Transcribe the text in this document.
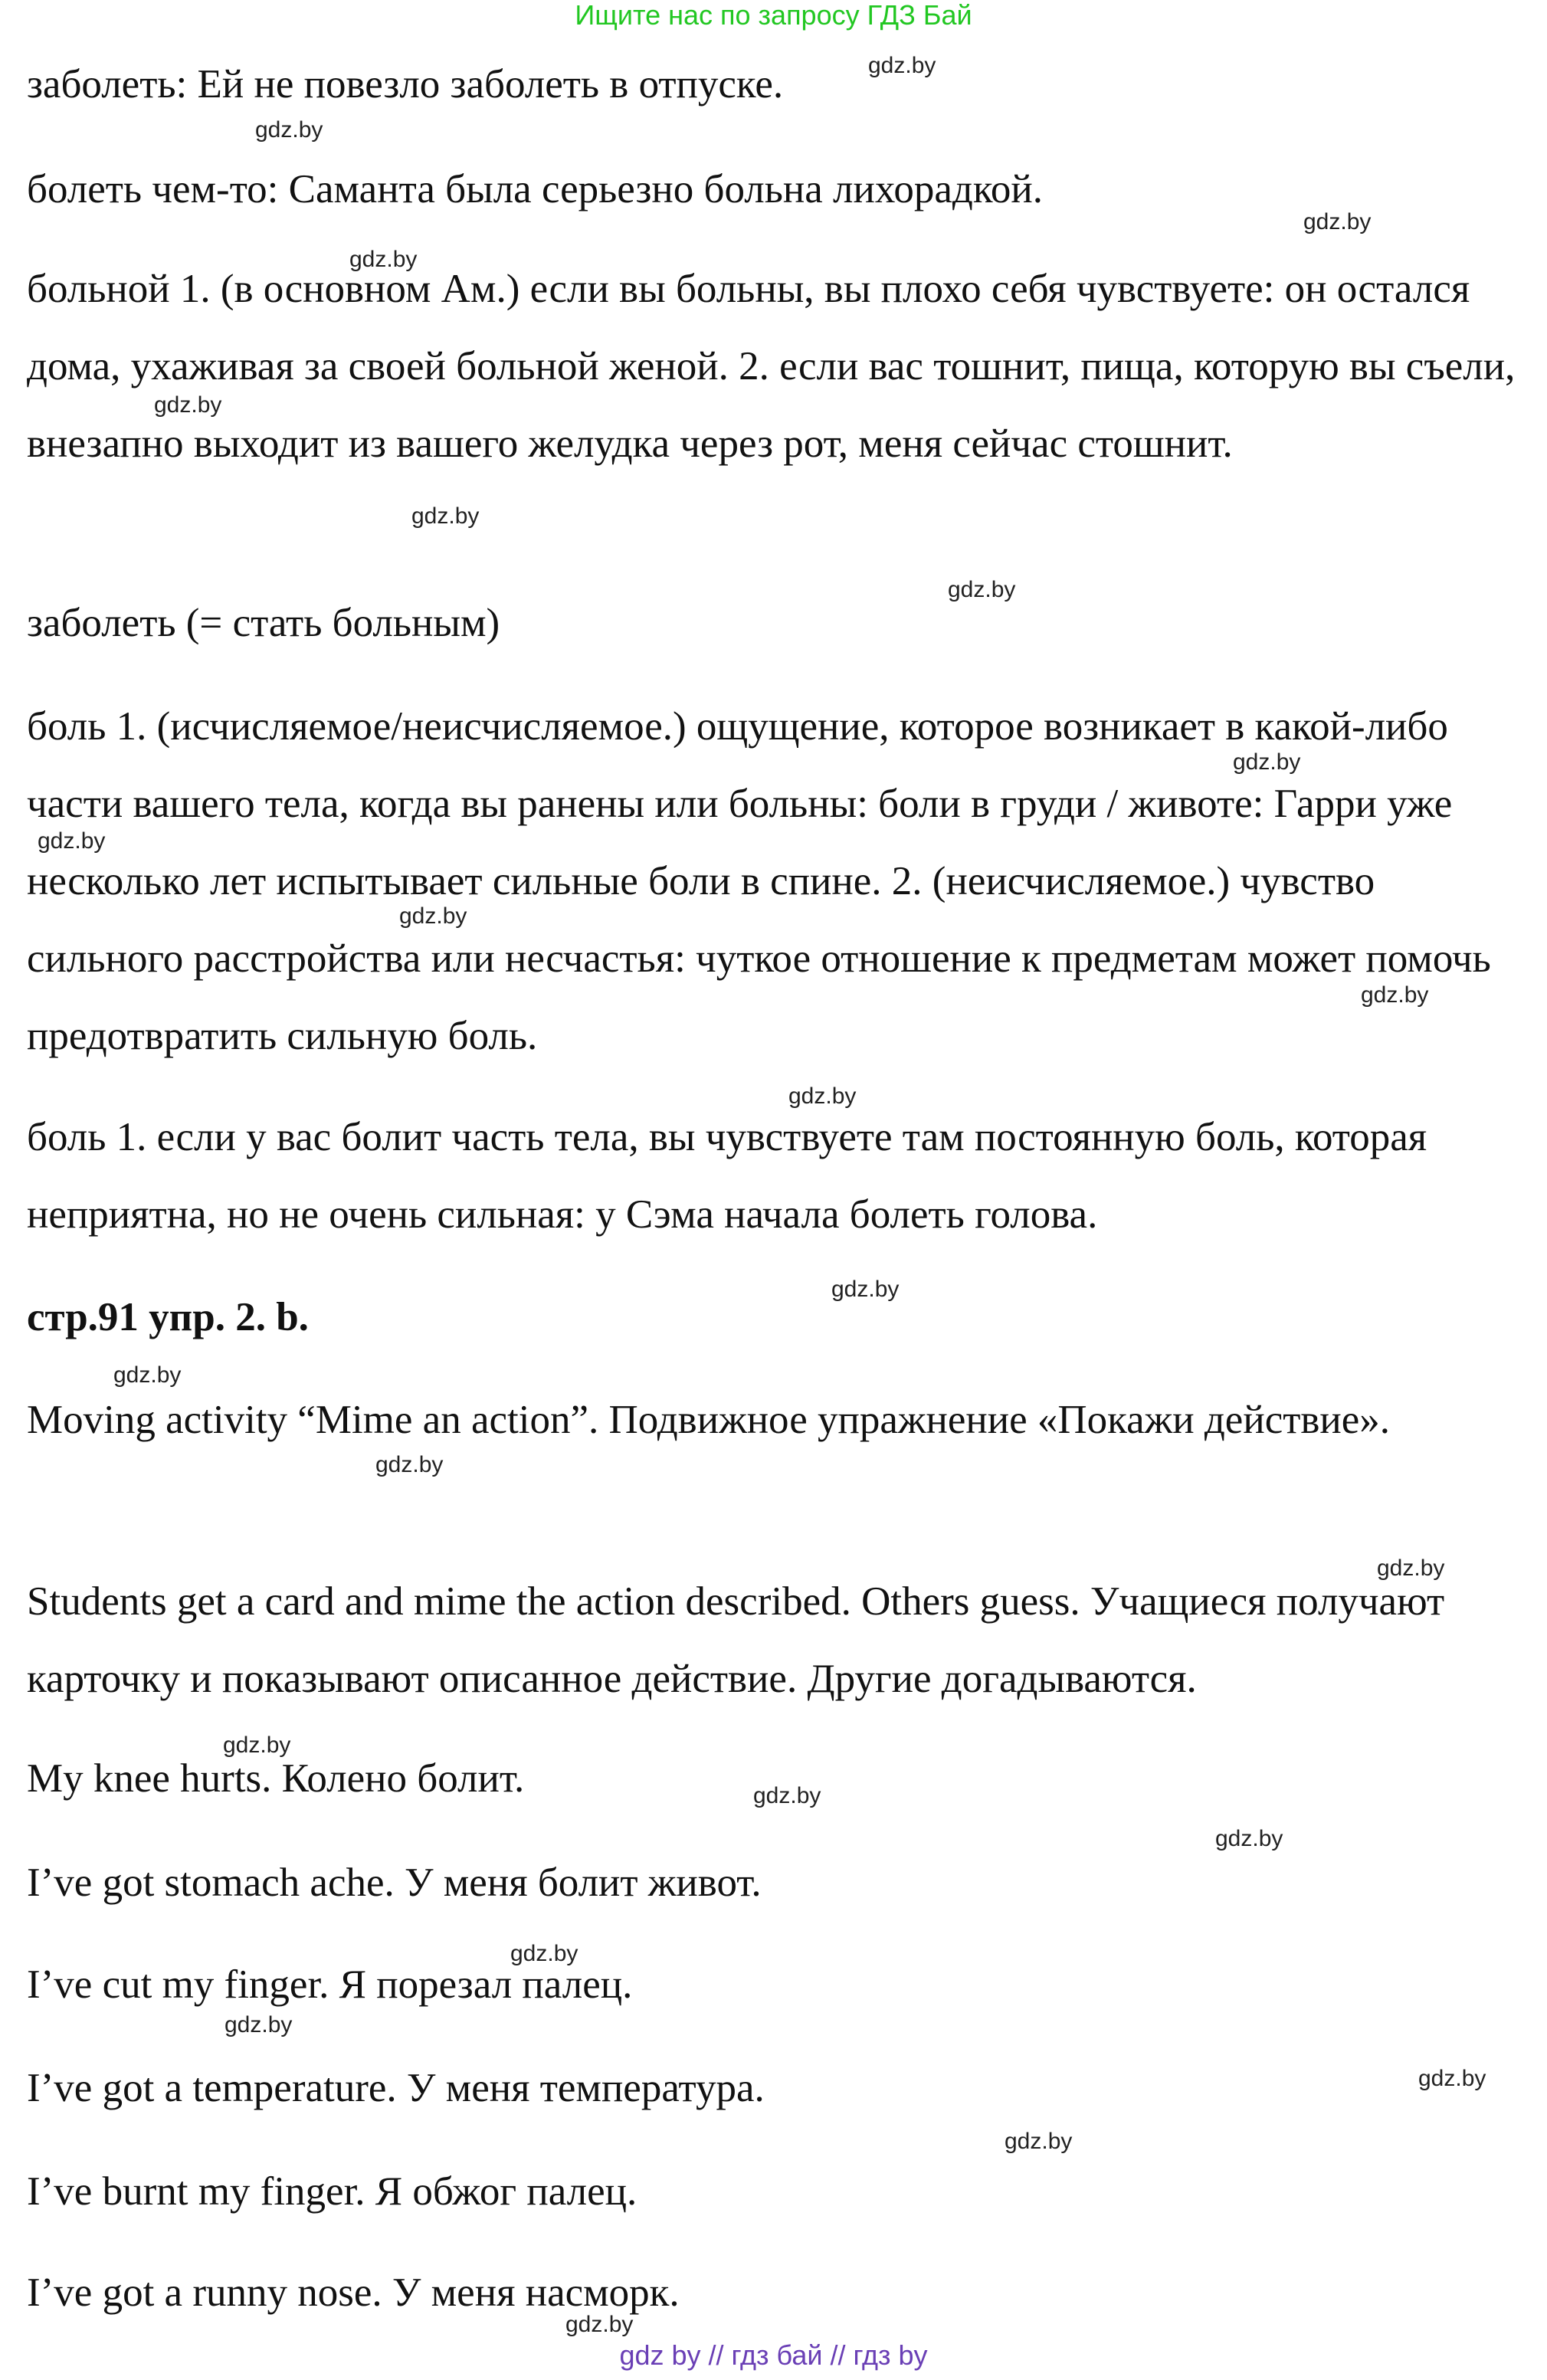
Ищите нас по запросу ГДЗ Бай

заболеть: Ей не повезло заболеть в отпуске.

болеть чем-то: Саманта была серьезно больна лихорадкой.

больной 1. (в основном Ам.) если вы больны, вы плохо себя чувствуете: он остался дома, ухаживая за своей больной женой. 2. если вас тошнит, пища, которую вы съели, внезапно выходит из вашего желудка через рот, меня сейчас стошнит.

заболеть (= стать больным)

боль 1. (исчисляемое/неисчисляемое.) ощущение, которое возникает в какой-либо части вашего тела, когда вы ранены или больны: боли в груди / животе: Гарри уже несколько лет испытывает сильные боли в спине. 2. (неисчисляемое.) чувство сильного расстройства или несчастья: чуткое отношение к предметам может помочь предотвратить сильную боль.

боль 1. если у вас болит часть тела, вы чувствуете там постоянную боль, которая неприятна, но не очень сильная: у Сэма начала болеть голова.

стр.91 упр. 2. b.

Moving activity “Mime an action”. Подвижное упражнение «Покажи действие».

Students get a card and mime the action described. Others guess. Учащиеся получают карточку и показывают описанное действие. Другие догадываются.

My knee hurts. Колено болит.

I’ve got stomach ache. У меня болит живот.

I’ve cut my finger. Я порезал палец.

I’ve got a temperature. У меня температура.

I’ve burnt my finger. Я обжог палец.

I’ve got a runny nose. У меня насморк.

gdz.by
gdz.by
gdz.by
gdz.by
gdz.by
gdz.by
gdz.by
gdz.by
gdz.by
gdz.by
gdz.by
gdz.by
gdz.by
gdz.by
gdz.by
gdz.by
gdz.by
gdz.by
gdz.by
gdz.by
gdz.by
gdz.by
gdz.by
gdz.by
gdz by // гдз бай // гдз by
